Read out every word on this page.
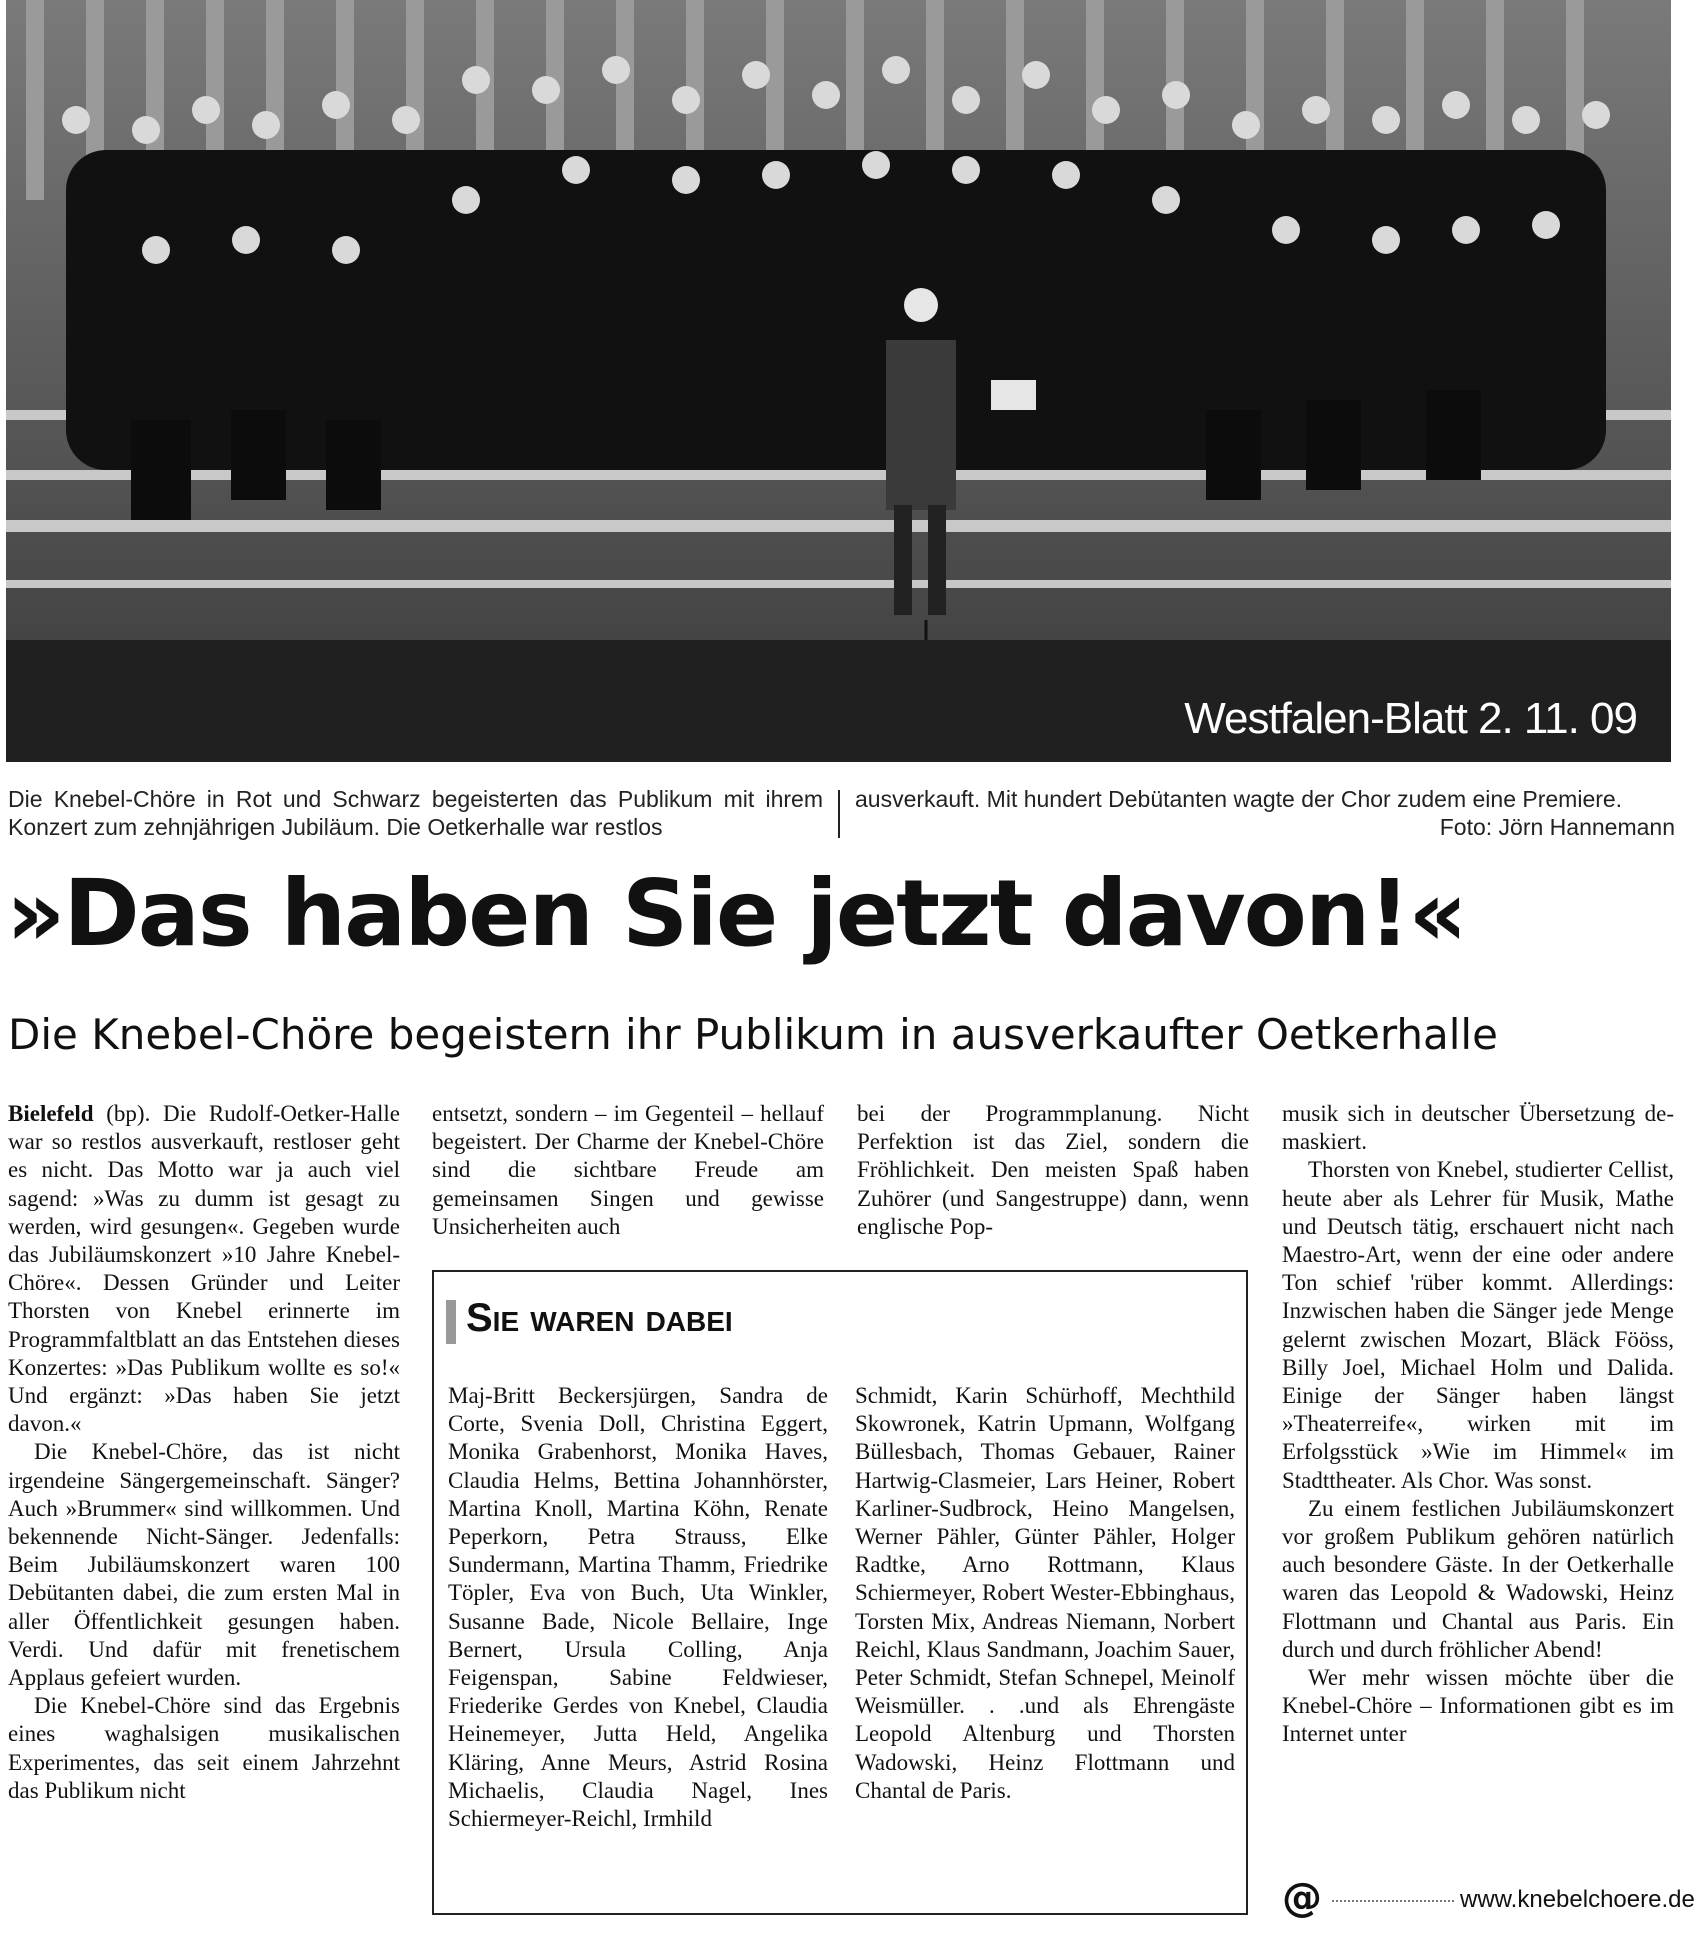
Westfalen-Blatt 2. 11. 09
Die Knebel-Chöre in Rot und Schwarz begeisterten das Publikum mit ihrem Konzert zum zehnjährigen Jubiläum. Die Oetkerhalle war restlos
ausverkauft. Mit hundert Debütanten wagte der Chor zudem eine Premiere.
Foto: Jörn Hannemann
»Das haben Sie jetzt davon!«
Die Knebel-Chöre begeistern ihr Publikum in ausverkaufter Oetkerhalle

Bielefeld (bp). Die Rudolf-Oetker-Halle war so restlos ausverkauft, restloser geht es nicht. Das Motto war ja auch viel sagend: »Was zu dumm ist gesagt zu werden, wird gesungen«. Gegeben wurde das Jubiläumskonzert »10 Jahre Knebel-Chöre«. Dessen Gründer und Leiter Thorsten von Knebel erinnerte im Programmfaltblatt an das Entstehen dieses Konzertes: »Das Publikum wollte es so!« Und ergänzt: »Das haben Sie jetzt davon.«

Die Knebel-Chöre, das ist nicht irgendeine Sängergemeinschaft. Sänger? Auch »Brummer« sind willkommen. Und bekennende Nicht-Sänger. Jedenfalls: Beim Jubiläumskonzert waren 100 Debütanten dabei, die zum ersten Mal in aller Öffentlichkeit gesungen haben. Verdi. Und dafür mit frenetischem Applaus gefeiert wurden.

Die Knebel-Chöre sind das Ergebnis eines waghalsigen musikalischen Experimentes, das seit einem Jahrzehnt das Publikum nicht

entsetzt, sondern – im Gegenteil – hellauf begeistert. Der Charme der Knebel-Chöre sind die sichtbare Freude am gemeinsamen Singen und gewisse Unsicherheiten auch

bei der Programmplanung. Nicht Perfektion ist das Ziel, sondern die Fröhlichkeit. Den meisten Spaß haben Zuhörer (und Sangestruppe) dann, wenn englische Pop-

musik sich in deutscher Übersetzung de-maskiert.

Thorsten von Knebel, studierter Cellist, heute aber als Lehrer für Musik, Mathe und Deutsch tätig, erschauert nicht nach Maestro-Art, wenn der eine oder andere Ton schief 'rüber kommt. Allerdings: Inzwischen haben die Sänger jede Menge gelernt zwischen Mozart, Bläck Fööss, Billy Joel, Michael Holm und Dalida. Einige der Sänger haben längst »Theaterreife«, wirken mit im Erfolgsstück »Wie im Himmel« im Stadttheater. Als Chor. Was sonst.

Zu einem festlichen Jubiläumskonzert vor großem Publikum gehören natürlich auch besondere Gäste. In der Oetkerhalle waren das Leopold & Wadowski, Heinz Flottmann und Chantal aus Paris. Ein durch und durch fröhlicher Abend!

Wer mehr wissen möchte über die Knebel-Chöre – Informationen gibt es im Internet unter

Sie waren dabei
Maj-Britt Beckersjürgen, Sandra de Corte, Svenia Doll, Christina Eggert, Monika Grabenhorst, Monika Haves, Claudia Helms, Bettina Johannhörster, Martina Knoll, Martina Köhn, Renate Peperkorn, Petra Strauss, Elke Sundermann, Martina Thamm, Friedrike Töpler, Eva von Buch, Uta Winkler, Susanne Bade, Nicole Bellaire, Inge Bernert, Ursula Colling, Anja Feigenspan, Sabine Feldwieser, Friederike Gerdes von Knebel, Claudia Heinemeyer, Jutta Held, Angelika Kläring, Anne Meurs, Astrid Rosina Michaelis, Claudia Nagel, Ines Schiermeyer-Reichl, Irmhild
Schmidt, Karin Schürhoff, Mechthild Skowronek, Katrin Upmann, Wolfgang Büllesbach, Thomas Gebauer, Rainer Hartwig-Clasmeier, Lars Heiner, Robert Karliner-Sudbrock, Heino Mangelsen, Werner Pähler, Günter Pähler, Holger Radtke, Arno Rottmann, Klaus Schiermeyer, Robert Wester-Ebbinghaus, Torsten Mix, Andreas Niemann, Norbert Reichl, Klaus Sandmann, Joachim Sauer, Peter Schmidt, Stefan Schnepel, Meinolf Weismüller. . .und als Ehrengäste Leopold Altenburg und Thorsten Wadowski, Heinz Flottmann und Chantal de Paris.
@	www.knebelchoere.de
